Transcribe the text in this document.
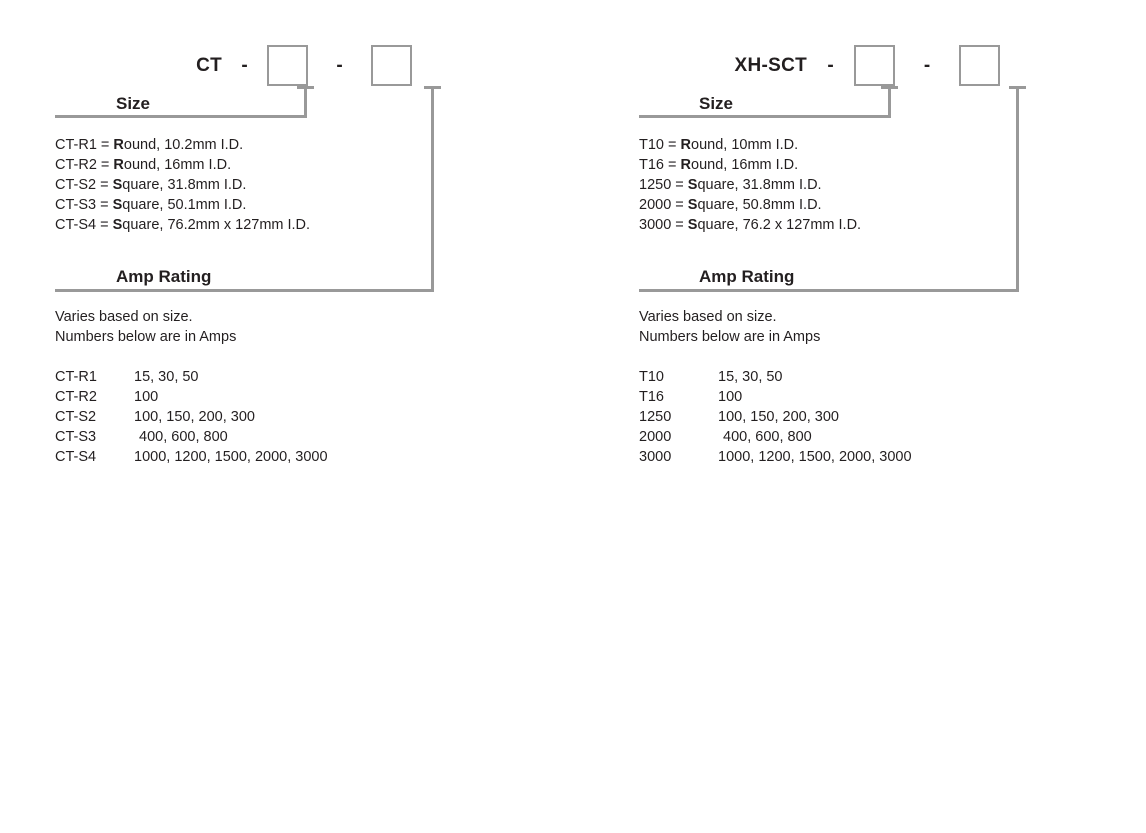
CT	-	-
Size
CT-R1 = Round, 10.2mm I.D.
CT-R2 = Round, 16mm I.D.
CT-S2 = Square, 31.8mm I.D.
CT-S3 = Square, 50.1mm I.D.
CT-S4 = Square, 76.2mm x 127mm I.D.
Amp Rating
Varies based on size.
Numbers below are in Amps
CT-R1	15, 30, 50
CT-R2	100
CT-S2	100, 150, 200, 300
CT-S3	400, 600, 800
CT-S4	1000, 1200, 1500, 2000, 3000
XH-SCT	-	-
Size
T10 = Round, 10mm I.D.
T16 = Round, 16mm I.D.
1250 = Square, 31.8mm I.D.
2000 = Square, 50.8mm I.D.
3000 = Square, 76.2 x 127mm I.D.
Amp Rating
Varies based on size.
Numbers below are in Amps
T10	15, 30, 50
T16	100
1250	100, 150, 200, 300
2000	400, 600, 800
3000	1000, 1200, 1500, 2000, 3000
